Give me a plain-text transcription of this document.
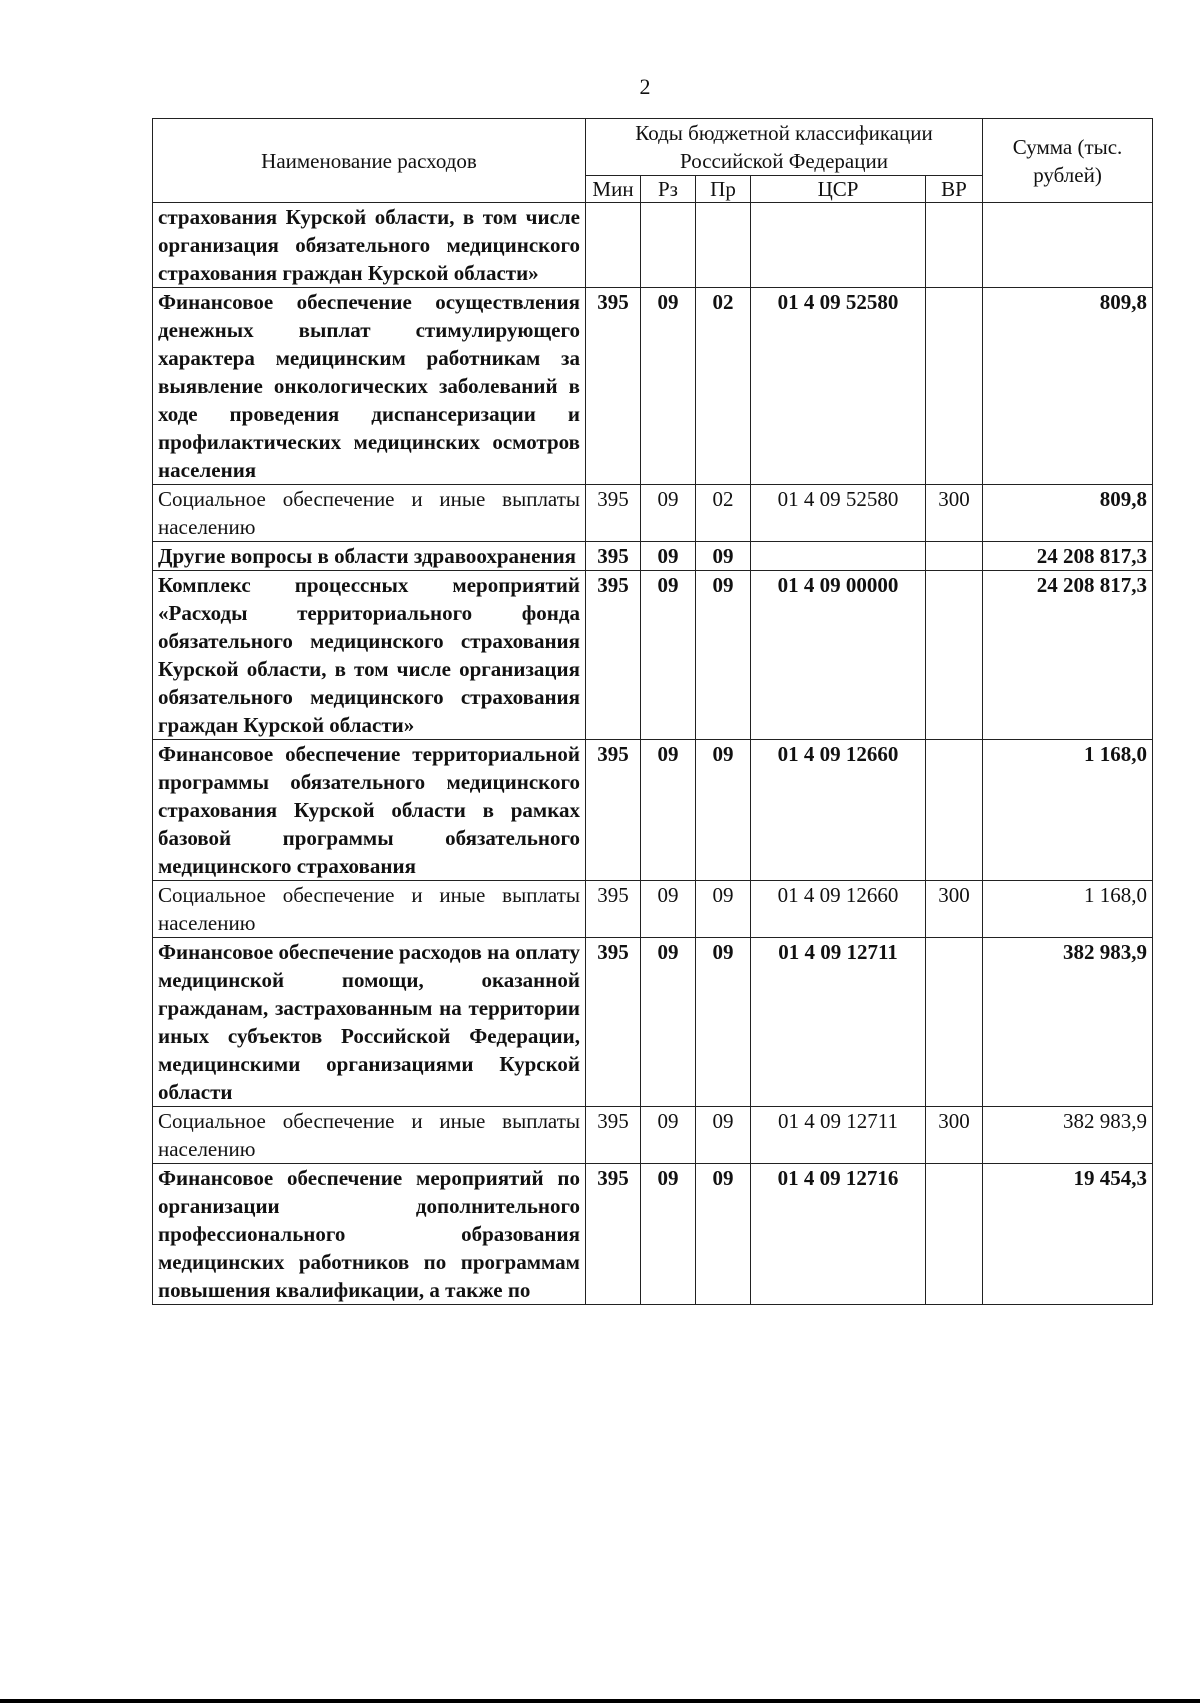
2
Наименование расходов	Коды бюджетной классификации Российской Федерации					Сумма (тыс. рублей)
	Мин	Рз	Пр	ЦСР	ВР	
страхования Курской области, в том числе организация обязательного медицинского страхования граждан Курской области»						
Финансовое обеспечение осуществления денежных выплат стимулирующего характера медицинским работникам за выявление онкологических заболеваний в ходе проведения диспансеризации и профилактических медицинских осмотров населения	395	09	02	01 4 09 52580		809,8
Социальное обеспечение и иные выплаты населению	395	09	02	01 4 09 52580	300	809,8
Другие вопросы в области здравоохранения	395	09	09			24 208 817,3
Комплекс процессных мероприятий «Расходы территориального фонда обязательного медицинского страхования Курской области, в том числе организация обязательного медицинского страхования граждан Курской области»	395	09	09	01 4 09 00000		24 208 817,3
Финансовое обеспечение территориальной программы обязательного медицинского страхования Курской области в рамках базовой программы обязательного медицинского страхования	395	09	09	01 4 09 12660		1 168,0
Социальное обеспечение и иные выплаты населению	395	09	09	01 4 09 12660	300	1 168,0
Финансовое обеспечение расходов на оплату медицинской помощи, оказанной гражданам, застрахованным на территории иных субъектов Российской Федерации, медицинскими организациями Курской области	395	09	09	01 4 09 12711		382 983,9
Социальное обеспечение и иные выплаты населению	395	09	09	01 4 09 12711	300	382 983,9
Финансовое обеспечение мероприятий по организации дополнительного профессионального образования медицинских работников по программам повышения квалификации, а также по	395	09	09	01 4 09 12716		19 454,3
